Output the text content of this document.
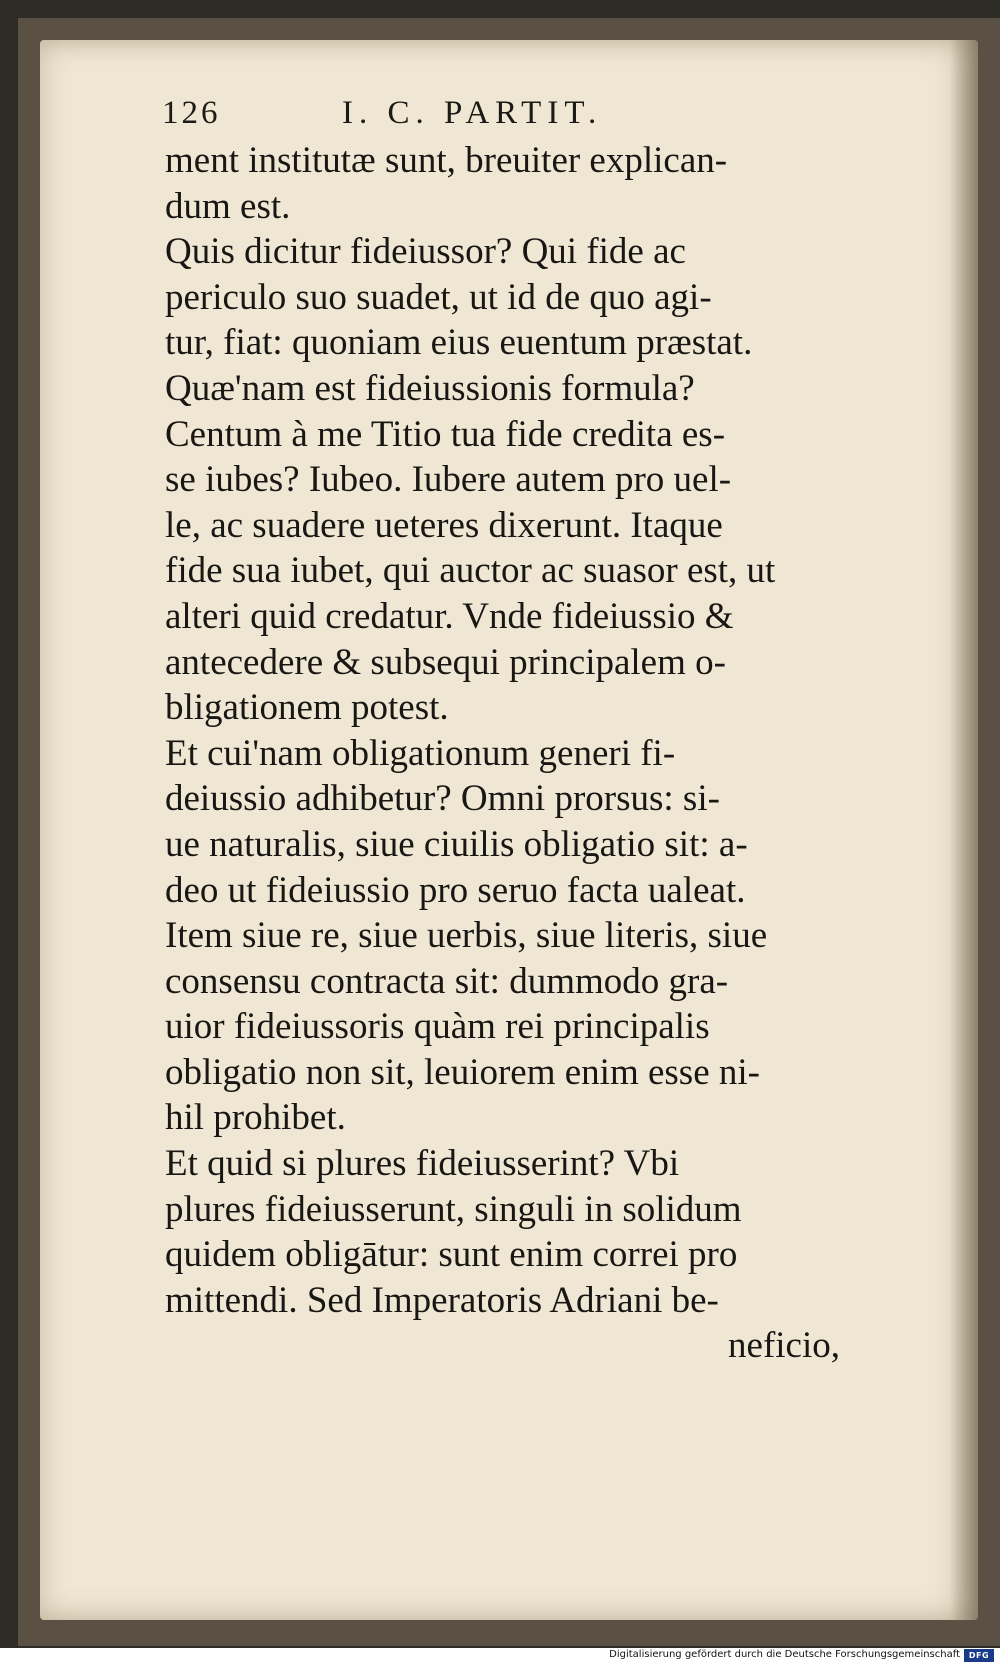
126	I. C. PARTIT.
ment institutæ sunt, breuiter explican-
dum est.
Quis dicitur fideiussor? Qui fide ac
periculo suo suadet, ut id de quo agi-
tur, fiat: quoniam eius euentum præstat.
Quæ'nam est fideiussionis formula?
Centum à me Titio tua fide credita es-
se iubes? Iubeo. Iubere autem pro uel-
le, ac suadere ueteres dixerunt. Itaque
fide sua iubet, qui auctor ac suasor est, ut
alteri quid credatur. Vnde fideiussio &
antecedere & subsequi principalem o-
bligationem potest.
Et cui'nam obligationum generi fi-
deiussio adhibetur? Omni prorsus: si-
ue naturalis, siue ciuilis obligatio sit: a-
deo ut fideiussio pro seruo facta ualeat.
Item siue re, siue uerbis, siue literis, siue
consensu contracta sit: dummodo gra-
uior fideiussoris quàm rei principalis
obligatio non sit, leuiorem enim esse ni-
hil prohibet.
Et quid si plures fideiusserint? Vbi
plures fideiusserunt, singuli in solidum
quidem obligātur: sunt enim correi pro
mittendi. Sed Imperatoris Adriani be-
neficio,
Digitalisierung gefördert durch die Deutsche Forschungsgemeinschaft	DFG
